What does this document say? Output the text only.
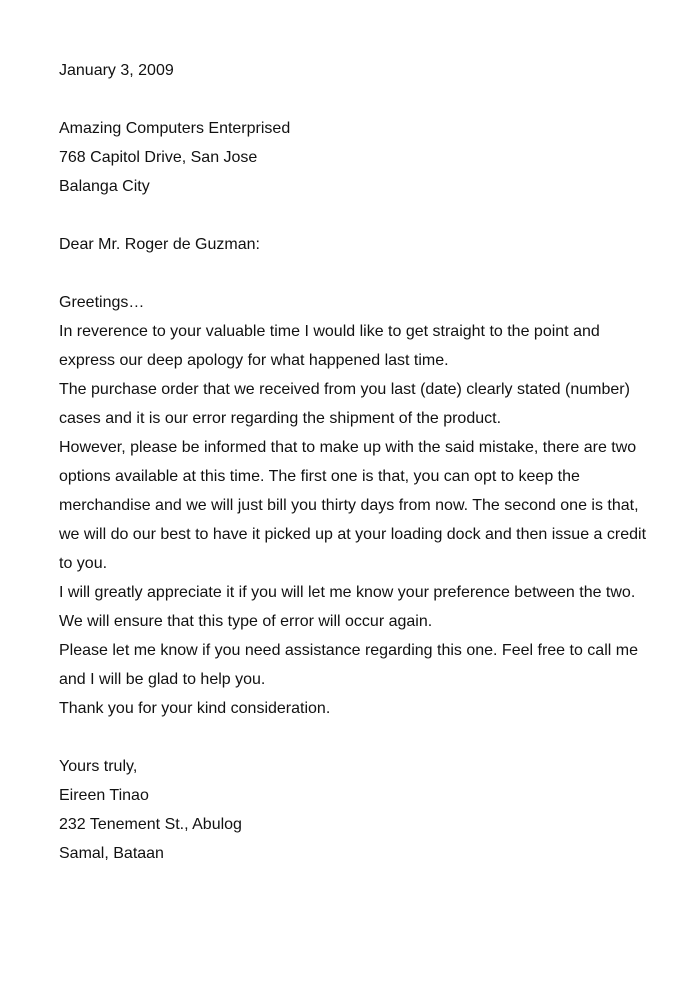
January 3, 2009
Amazing Computers Enterprised
768 Capitol Drive, San Jose
Balanga City
Dear Mr. Roger de Guzman:
Greetings…
In reverence to your valuable time I would like to get straight to the point and express our deep apology for what happened last time.
The purchase order that we received from you last (date) clearly stated (number) cases and it is our error regarding the shipment of the product.
However, please be informed that to make up with the said mistake, there are two options available at this time. The first one is that, you can opt to keep the merchandise and we will just bill you thirty days from now. The second one is that, we will do our best to have it picked up at your loading dock and then issue a credit to you.
I will greatly appreciate it if you will let me know your preference between the two.
We will ensure that this type of error will occur again.
Please let me know if you need assistance regarding this one. Feel free to call me and I will be glad to help you.
Thank you for your kind consideration.
Yours truly,
Eireen Tinao
232 Tenement St., Abulog
Samal, Bataan
